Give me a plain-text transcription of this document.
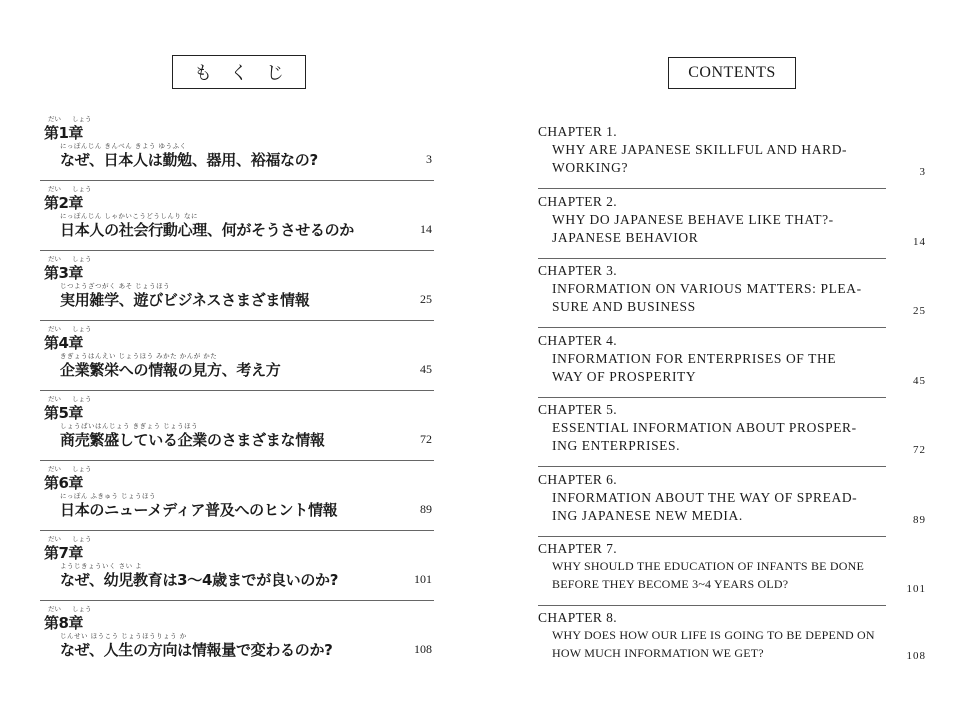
もくじ
だい しょう
第1章
にっぽんじん きんべん きよう ゆうふく
なぜ、日本人は勤勉、器用、裕福なの?	3
だい しょう
第2章
にっぽんじん しゃかいこうどうしんり なに
日本人の社会行動心理、何がそうさせるのか	14
だい しょう
第3章
じつようざつがく あそ じょうほう
実用雑学、遊びビジネスさまざま情報	25
だい しょう
第4章
きぎょうはんえい じょうほう みかた かんが かた
企業繁栄への情報の見方、考え方	45
だい しょう
第5章
しょうばいはんじょう きぎょう じょうほう
商売繁盛している企業のさまざまな情報	72
だい しょう
第6章
にっぽん ふきゅう じょうほう
日本のニューメディア普及へのヒント情報	89
だい しょう
第7章
ようじきょういく さい よ
なぜ、幼児教育は3〜4歳までが良いのか?	101
だい しょう
第8章
じんせい ほうこう じょうほうりょう か
なぜ、人生の方向は情報量で変わるのか?	108
CONTENTS
CHAPTER 1.
WHY ARE JAPANESE SKILLFUL AND HARD-
WORKING?	3
CHAPTER 2.
WHY DO JAPANESE BEHAVE LIKE THAT?-
JAPANESE BEHAVIOR	14
CHAPTER 3.
INFORMATION ON VARIOUS MATTERS: PLEA-
SURE AND BUSINESS	25
CHAPTER 4.
INFORMATION FOR ENTERPRISES OF THE
WAY OF PROSPERITY	45
CHAPTER 5.
ESSENTIAL INFORMATION ABOUT PROSPER-
ING ENTERPRISES.	72
CHAPTER 6.
INFORMATION ABOUT THE WAY OF SPREAD-
ING JAPANESE NEW MEDIA.	89
CHAPTER 7.
WHY SHOULD THE EDUCATION OF INFANTS BE DONE
BEFORE THEY BECOME 3~4 YEARS OLD?	101
CHAPTER 8.
WHY DOES HOW OUR LIFE IS GOING TO BE DEPEND ON
HOW MUCH INFORMATION WE GET?	108
